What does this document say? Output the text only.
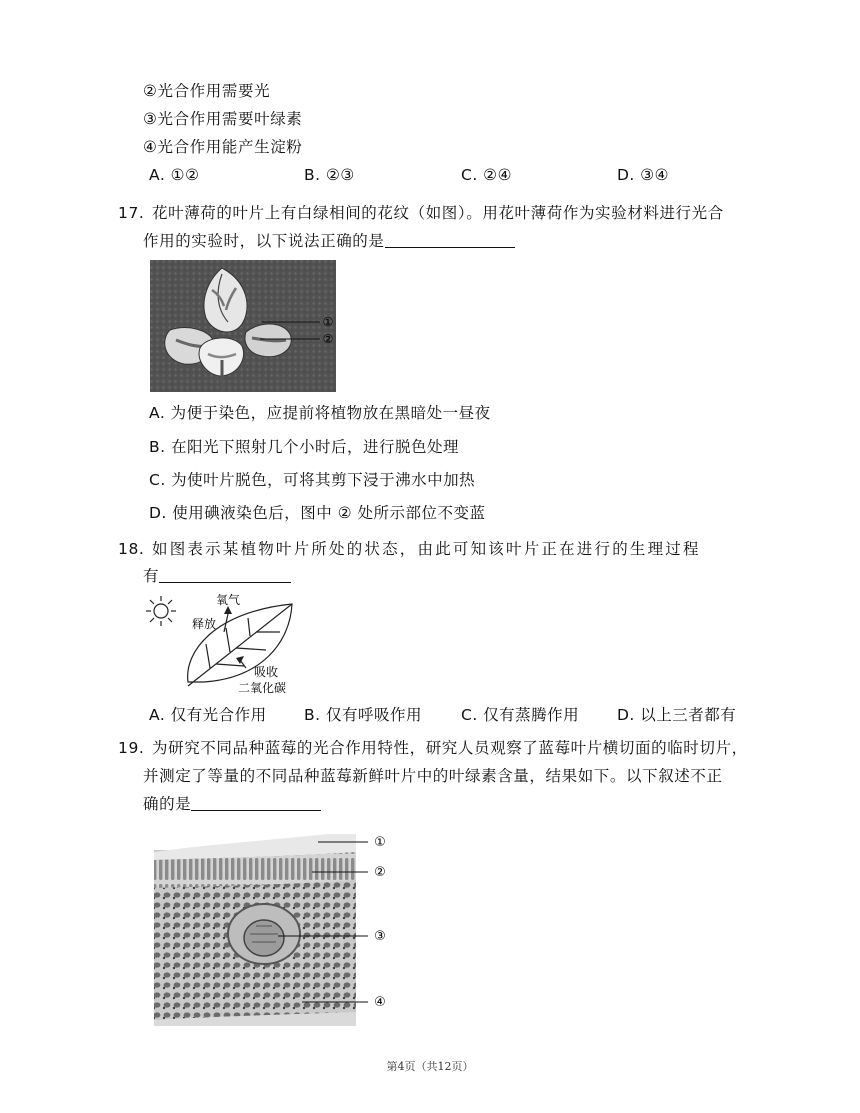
②光合作用需要光
③光合作用需要叶绿素
④光合作用能产生淀粉
A. ①②	B. ②③	C. ②④	D. ③④
17. 花叶薄荷的叶片上有白绿相间的花纹（如图）。用花叶薄荷作为实验材料进行光合
作用的实验时，以下说法正确的是
①
②
A. 为便于染色，应提前将植物放在黑暗处一昼夜
B. 在阳光下照射几个小时后，进行脱色处理
C. 为使叶片脱色，可将其剪下浸于沸水中加热
D. 使用碘液染色后，图中 ② 处所示部位不变蓝
18. 如图表示某植物叶片所处的状态，由此可知该叶片正在进行的生理过程
有
氧气
释放
吸收
二氧化碳
A. 仅有光合作用 B. 仅有呼吸作用	C. 仅有蒸腾作用 D. 以上三者都有
19. 为研究不同品种蓝莓的光合作用特性，研究人员观察了蓝莓叶片横切面的临时切片，
并测定了等量的不同品种蓝莓新鲜叶片中的叶绿素含量，结果如下。以下叙述不正
确的是
①
②
③
④
第4页（共12页）
